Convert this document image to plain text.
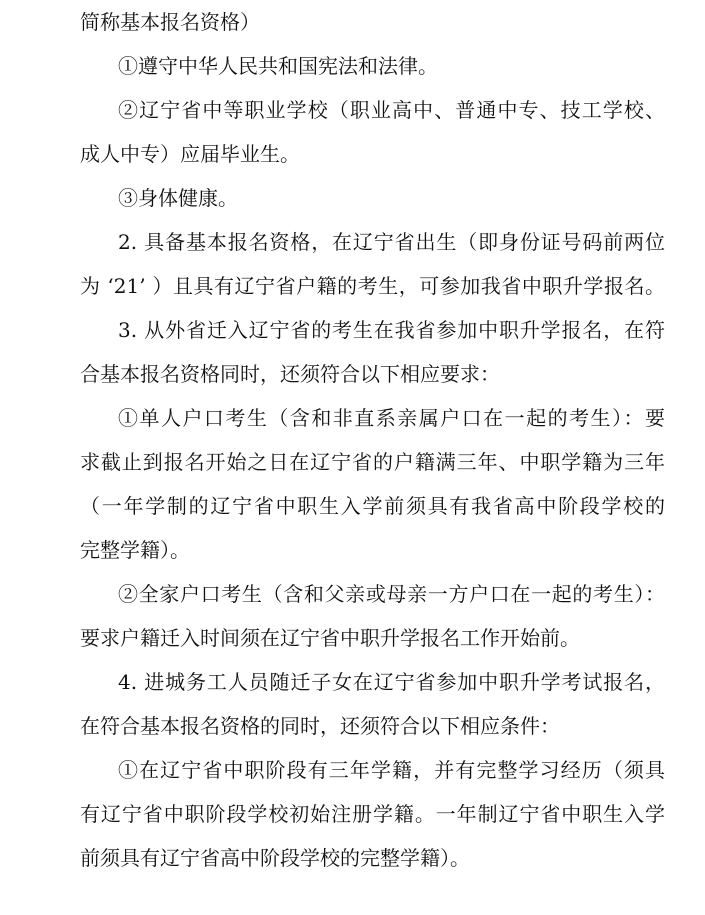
简称基本报名资格）
①遵守中华人民共和国宪法和法律。
②辽宁省中等职业学校（职业高中、普通中专、技工学校、
成人中专）应届毕业生。
③身体健康。
2. 具备基本报名资格，在辽宁省出生（即身份证号码前两位
为 ‘21’ ）且具有辽宁省户籍的考生，可参加我省中职升学报名。
3. 从外省迁入辽宁省的考生在我省参加中职升学报名，在符
合基本报名资格同时，还须符合以下相应要求：
①单人户口考生（含和非直系亲属户口在一起的考生）：要
求截止到报名开始之日在辽宁省的户籍满三年、中职学籍为三年
（一年学制的辽宁省中职生入学前须具有我省高中阶段学校的
完整学籍）。
②全家户口考生（含和父亲或母亲一方户口在一起的考生）：
要求户籍迁入时间须在辽宁省中职升学报名工作开始前。
4. 进城务工人员随迁子女在辽宁省参加中职升学考试报名，
在符合基本报名资格的同时，还须符合以下相应条件：
①在辽宁省中职阶段有三年学籍，并有完整学习经历（须具
有辽宁省中职阶段学校初始注册学籍。一年制辽宁省中职生入学
前须具有辽宁省高中阶段学校的完整学籍）。
